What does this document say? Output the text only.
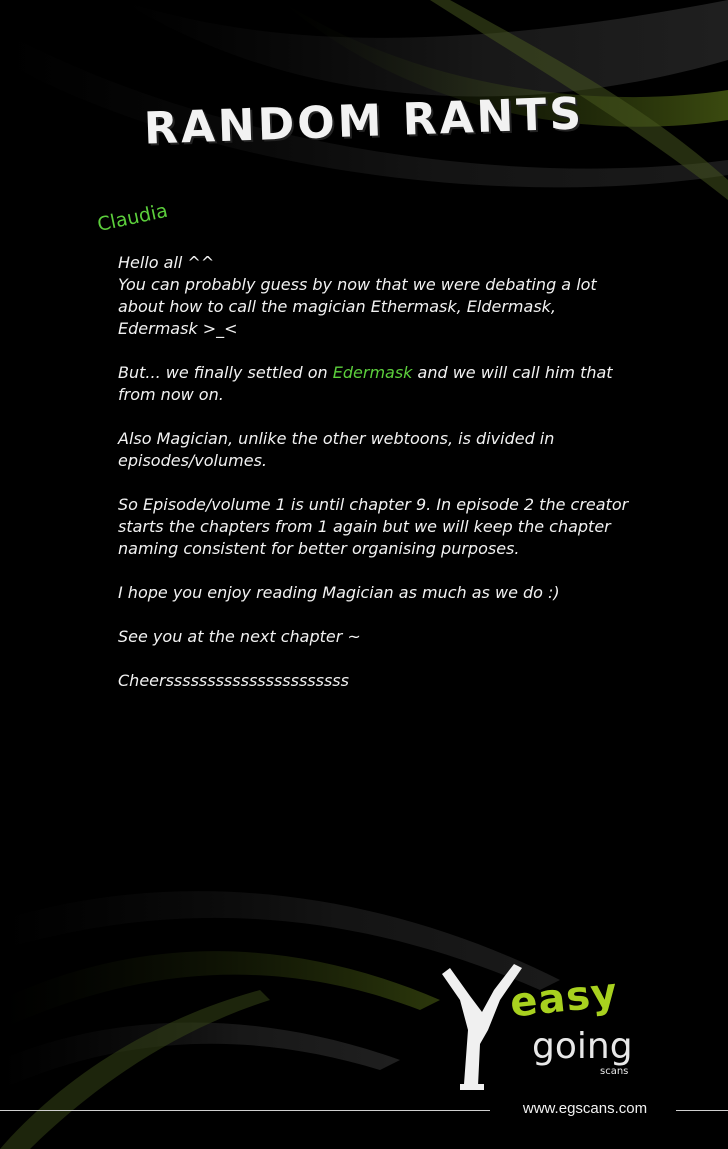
RANDOM RANTS
Claudia

Hello all ^^
You can probably guess by now that we were debating a lot about how to call the magician Ethermask, Eldermask, Edermask >_<

But... we finally settled on Edermask and we will call him that from now on.

Also Magician, unlike the other webtoons, is divided in episodes/volumes.

So Episode/volume 1 is until chapter 9. In episode 2 the creator starts the chapters from 1 again but we will keep the chapter naming consistent for better organising purposes.

I hope you enjoy reading Magician as much as we do :)

See you at the next chapter ~

Cheerssssssssssssssssssssss

easy
going
scans
www.egscans.com
